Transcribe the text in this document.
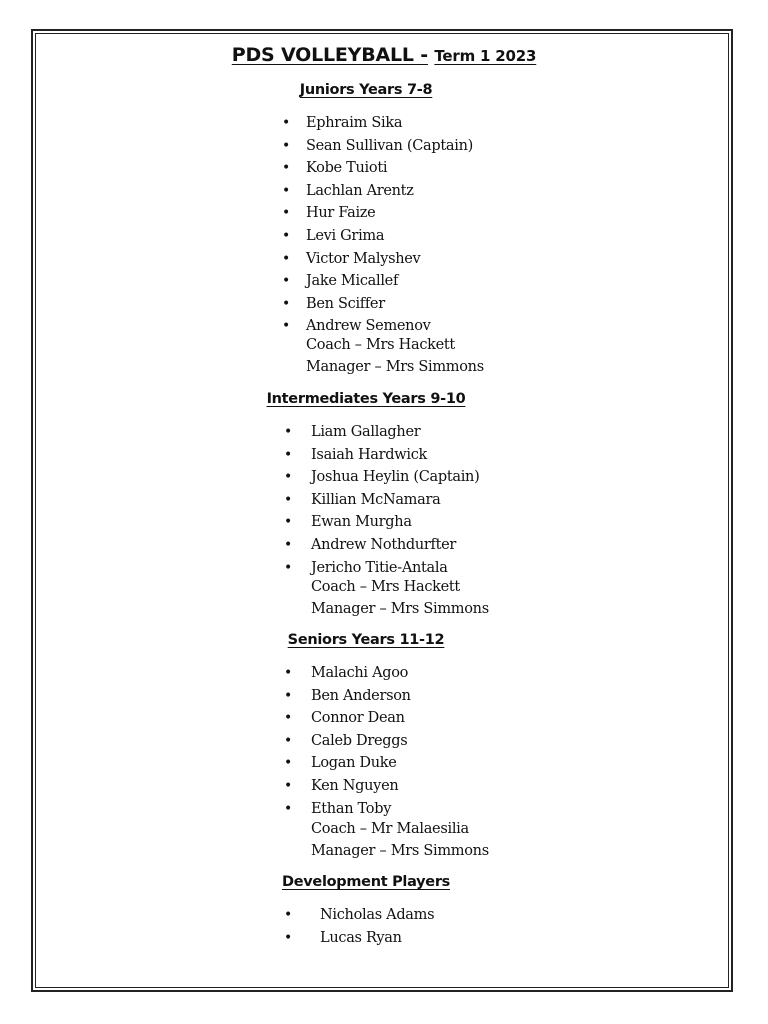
PDS VOLLEYBALL - Term 1 2023
Juniors Years 7-8
• Ephraim Sika
• Sean Sullivan (Captain)
• Kobe Tuioti
• Lachlan Arentz
• Hur Faize
• Levi Grima
• Victor Malyshev
• Jake Micallef
• Ben Sciffer
• Andrew Semenov
Coach – Mrs Hackett
Manager – Mrs Simmons
Intermediates Years 9-10
• Liam Gallagher
• Isaiah Hardwick
• Joshua Heylin (Captain)
• Killian McNamara
• Ewan Murgha
• Andrew Nothdurfter
• Jericho Titie-Antala
Coach – Mrs Hackett
Manager – Mrs Simmons
Seniors Years 11-12
• Malachi Agoo
• Ben Anderson
• Connor Dean
• Caleb Dreggs
• Logan Duke
• Ken Nguyen
• Ethan Toby
Coach – Mr Malaesilia
Manager – Mrs Simmons
Development Players
• Nicholas Adams
• Lucas Ryan
